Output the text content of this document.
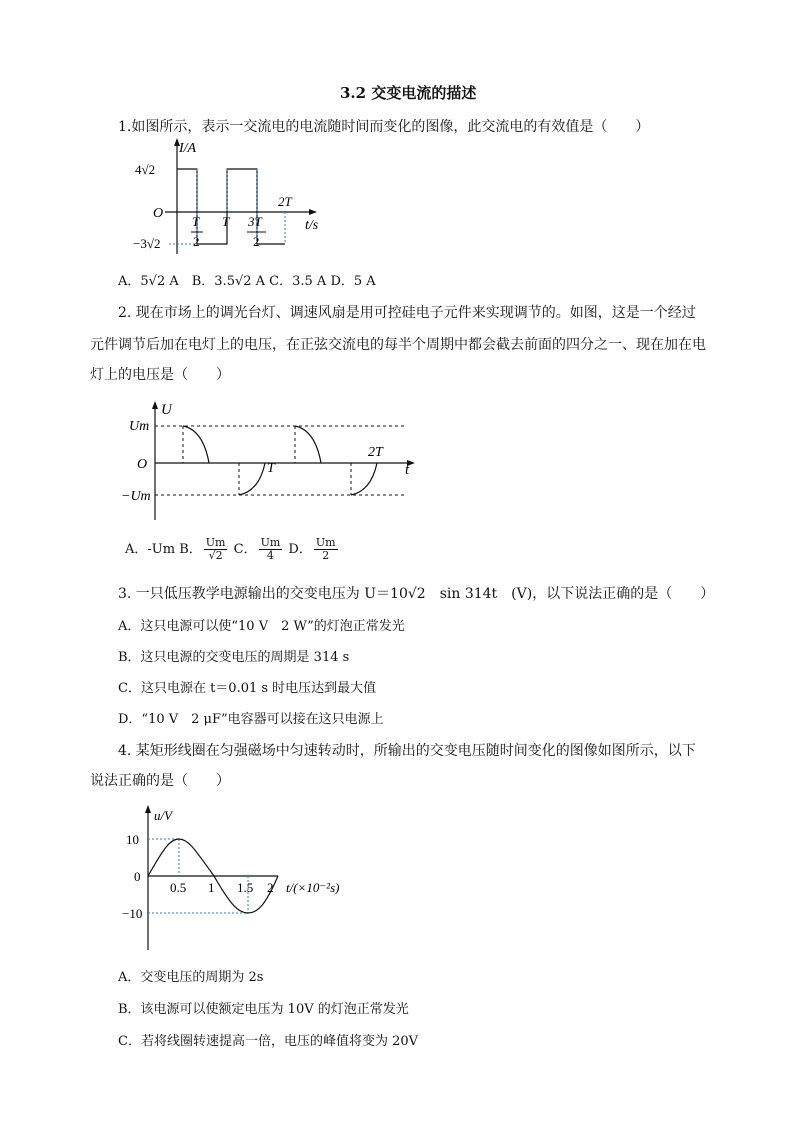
3.2 交变电流的描述
1.如图所示，表示一交流电的电流随时间而变化的图像，此交流电的有效值是（　　）
I/A
4√2
−3√2
O
t/s
T
2
T 3T
2
2T
A．5√2 A　B．3.5√2 A C．3.5 A D．5 A
2. 现在市场上的调光台灯、调速风扇是用可控硅电子元件来实现调节的。如图，这是一个经过
元件调节后加在电灯上的电压，在正弦交流电的每半个周期中都会截去前面的四分之一、现在加在电
灯上的电压是（　　）
U
Um
−Um
O	t
T
2T
A．-Um B． $\frac{Um}{√2}$ C． $\frac{Um}{4}$ D． $\frac{Um}{2}$
3. 一只低压教学电源输出的交变电压为 U＝10√2　sin 314t　(V)，以下说法正确的是（　　）
A．这只电源可以使“10 V　2 W”的灯泡正常发光
B．这只电源的交变电压的周期是 314 s
C．这只电源在 t＝0.01 s 时电压达到最大值
D．“10 V　2 μF”电容器可以接在这只电源上
4. 某矩形线圈在匀强磁场中匀速转动时，所输出的交变电压随时间变化的图像如图所示，以下
说法正确的是（　　）
u/V
10
0
−10
0.5 1 1.5 2 t/(×10⁻²s)
A．交变电压的周期为 2s
B．该电源可以使额定电压为 10V 的灯泡正常发光
C．若将线圈转速提高一倍，电压的峰值将变为 20V
